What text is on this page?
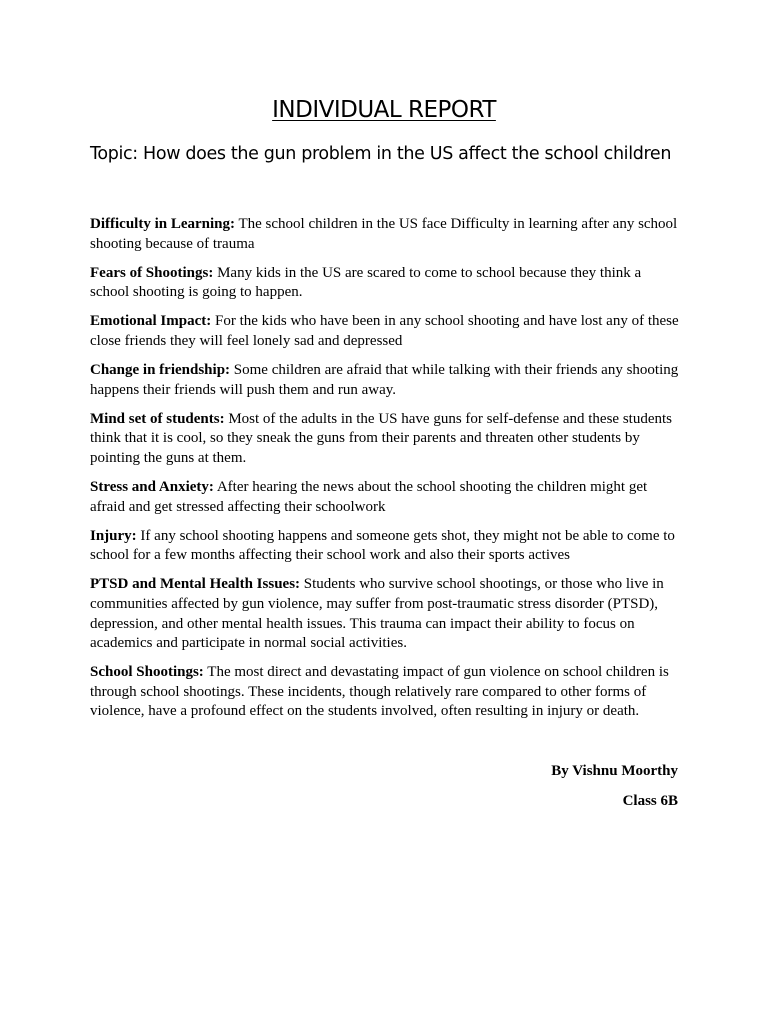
INDIVIDUAL REPORT

Topic: How does the gun problem in the US affect the school children

Difficulty in Learning: The school children in the US face Difficulty in learning after any school shooting because of trauma

Fears of Shootings: Many kids in the US are scared to come to school because they think a school shooting is going to happen.

Emotional Impact: For the kids who have been in any school shooting and have lost any of these close friends they will feel lonely sad and depressed

Change in friendship: Some children are afraid that while talking with their friends any shooting happens their friends will push them and run away.

Mind set of students: Most of the adults in the US have guns for self-defense and these students think that it is cool, so they sneak the guns from their parents and threaten other students by pointing the guns at them.

Stress and Anxiety: After hearing the news about the school shooting the children might get afraid and get stressed affecting their schoolwork

Injury: If any school shooting happens and someone gets shot, they might not be able to come to school for a few months affecting their school work and also their sports actives

PTSD and Mental Health Issues: Students who survive school shootings, or those who live in communities affected by gun violence, may suffer from post-traumatic stress disorder (PTSD), depression, and other mental health issues. This trauma can impact their ability to focus on academics and participate in normal social activities.

School Shootings: The most direct and devastating impact of gun violence on school children is through school shootings. These incidents, though relatively rare compared to other forms of violence, have a profound effect on the students involved, often resulting in injury or death.

By Vishnu Moorthy

Class 6B
